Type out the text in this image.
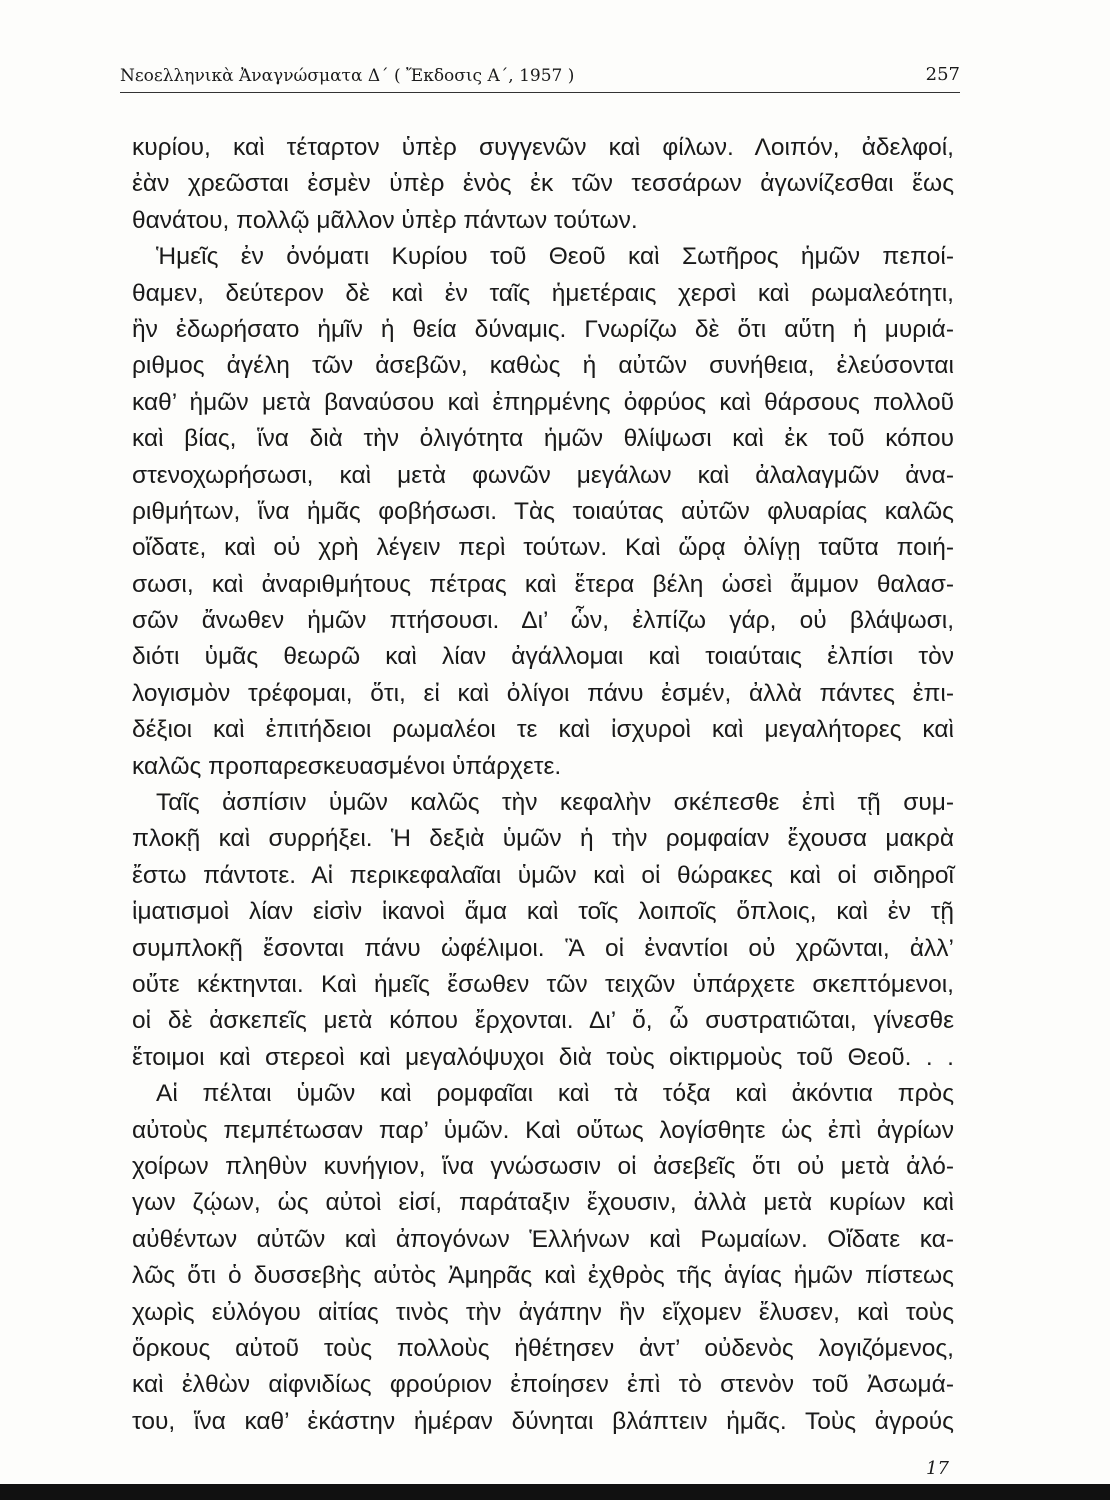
Νεοελληνικὰ Ἀναγνώσματα Δ΄ ( Ἔκδοσις Α΄, 1957 )	257
κυρίου, καὶ τέταρτον ὑπὲρ συγγενῶν καὶ φίλων. Λοιπόν, ἀδελφοί,
ἐὰν χρεῶσται ἐσμὲν ὑπὲρ ἑνὸς ἐκ τῶν τεσσάρων ἀγωνίζεσθαι ἕως
θανάτου, πολλῷ μᾶλλον ὑπὲρ πάντων τούτων.
Ἡμεῖς ἐν ὀνόματι Κυρίου τοῦ Θεοῦ καὶ Σωτῆρος ἡμῶν πεποί-
θαμεν, δεύτερον δὲ καὶ ἐν ταῖς ἡμετέραις χερσὶ καὶ ρωμαλεότητι,
ἣν ἐδωρήσατο ἡμῖν ἡ θεία δύναμις. Γνωρίζω δὲ ὅτι αὕτη ἡ μυριά-
ριθμος ἀγέλη τῶν ἀσεβῶν, καθὼς ἡ αὐτῶν συνήθεια, ἐλεύσονται
καθ’ ἡμῶν μετὰ βαναύσου καὶ ἐπηρμένης ὀφρύος καὶ θάρσους πολλοῦ
καὶ βίας, ἵνα διὰ τὴν ὀλιγότητα ἡμῶν θλίψωσι καὶ ἐκ τοῦ κόπου
στενοχωρήσωσι, καὶ μετὰ φωνῶν μεγάλων καὶ ἀλαλαγμῶν ἀνα-
ριθμήτων, ἵνα ἡμᾶς φοβήσωσι. Τὰς τοιαύτας αὐτῶν φλυαρίας καλῶς
οἴδατε, καὶ οὐ χρὴ λέγειν περὶ τούτων. Καὶ ὥρᾳ ὀλίγῃ ταῦτα ποιή-
σωσι, καὶ ἀναριθμήτους πέτρας καὶ ἕτερα βέλη ὡσεὶ ἄμμον θαλασ-
σῶν ἄνωθεν ἡμῶν πτήσουσι. Δι’ ὧν, ἐλπίζω γάρ, οὐ βλάψωσι,
διότι ὑμᾶς θεωρῶ καὶ λίαν ἀγάλλομαι καὶ τοιαύταις ἐλπίσι τὸν
λογισμὸν τρέφομαι, ὅτι, εἰ καὶ ὀλίγοι πάνυ ἐσμέν, ἀλλὰ πάντες ἐπι-
δέξιοι καὶ ἐπιτήδειοι ρωμαλέοι τε καὶ ἰσχυροὶ καὶ μεγαλήτορες καὶ
καλῶς προπαρεσκευασμένοι ὑπάρχετε.
Ταῖς ἀσπίσιν ὑμῶν καλῶς τὴν κεφαλὴν σκέπεσθε ἐπὶ τῇ συμ-
πλοκῇ καὶ συρρήξει. Ἡ δεξιὰ ὑμῶν ἡ τὴν ρομφαίαν ἔχουσα μακρὰ
ἔστω πάντοτε. Αἱ περικεφαλαῖαι ὑμῶν καὶ οἱ θώρακες καὶ οἱ σιδηροῖ
ἱματισμοὶ λίαν εἰσὶν ἱκανοὶ ἅμα καὶ τοῖς λοιποῖς ὅπλοις, καὶ ἐν τῇ
συμπλοκῇ ἔσονται πάνυ ὠφέλιμοι. Ἃ οἱ ἐναντίοι οὐ χρῶνται, ἀλλ’
οὔτε κέκτηνται. Καὶ ἡμεῖς ἔσωθεν τῶν τειχῶν ὑπάρχετε σκεπτόμενοι,
οἱ δὲ ἀσκεπεῖς μετὰ κόπου ἔρχονται. Δι’ ὅ, ὦ συστρατιῶται, γίνεσθε
ἕτοιμοι καὶ στερεοὶ καὶ μεγαλόψυχοι διὰ τοὺς οἰκτιρμοὺς τοῦ Θεοῦ. . .
Αἱ πέλται ὑμῶν καὶ ρομφαῖαι καὶ τὰ τόξα καὶ ἀκόντια πρὸς
αὐτοὺς πεμπέτωσαν παρ’ ὑμῶν. Καὶ οὕτως λογίσθητε ὡς ἐπὶ ἀγρίων
χοίρων πληθὺν κυνήγιον, ἵνα γνώσωσιν οἱ ἀσεβεῖς ὅτι οὐ μετὰ ἀλό-
γων ζῴων, ὡς αὐτοὶ εἰσί, παράταξιν ἔχουσιν, ἀλλὰ μετὰ κυρίων καὶ
αὐθέντων αὐτῶν καὶ ἀπογόνων Ἑλλήνων καὶ Ρωμαίων. Οἴδατε κα-
λῶς ὅτι ὁ δυσσεβὴς αὐτὸς Ἀμηρᾶς καὶ ἐχθρὸς τῆς ἁγίας ἡμῶν πίστεως
χωρὶς εὐλόγου αἰτίας τινὸς τὴν ἀγάπην ἣν εἴχομεν ἔλυσεν, καὶ τοὺς
ὅρκους αὐτοῦ τοὺς πολλοὺς ἠθέτησεν ἀντ’ οὐδενὸς λογιζόμενος,
καὶ ἐλθὼν αἰφνιδίως φρούριον ἐποίησεν ἐπὶ τὸ στενὸν τοῦ Ἀσωμά-
του, ἵνα καθ’ ἑκάστην ἡμέραν δύνηται βλάπτειν ἡμᾶς. Τοὺς ἀγρούς
17
